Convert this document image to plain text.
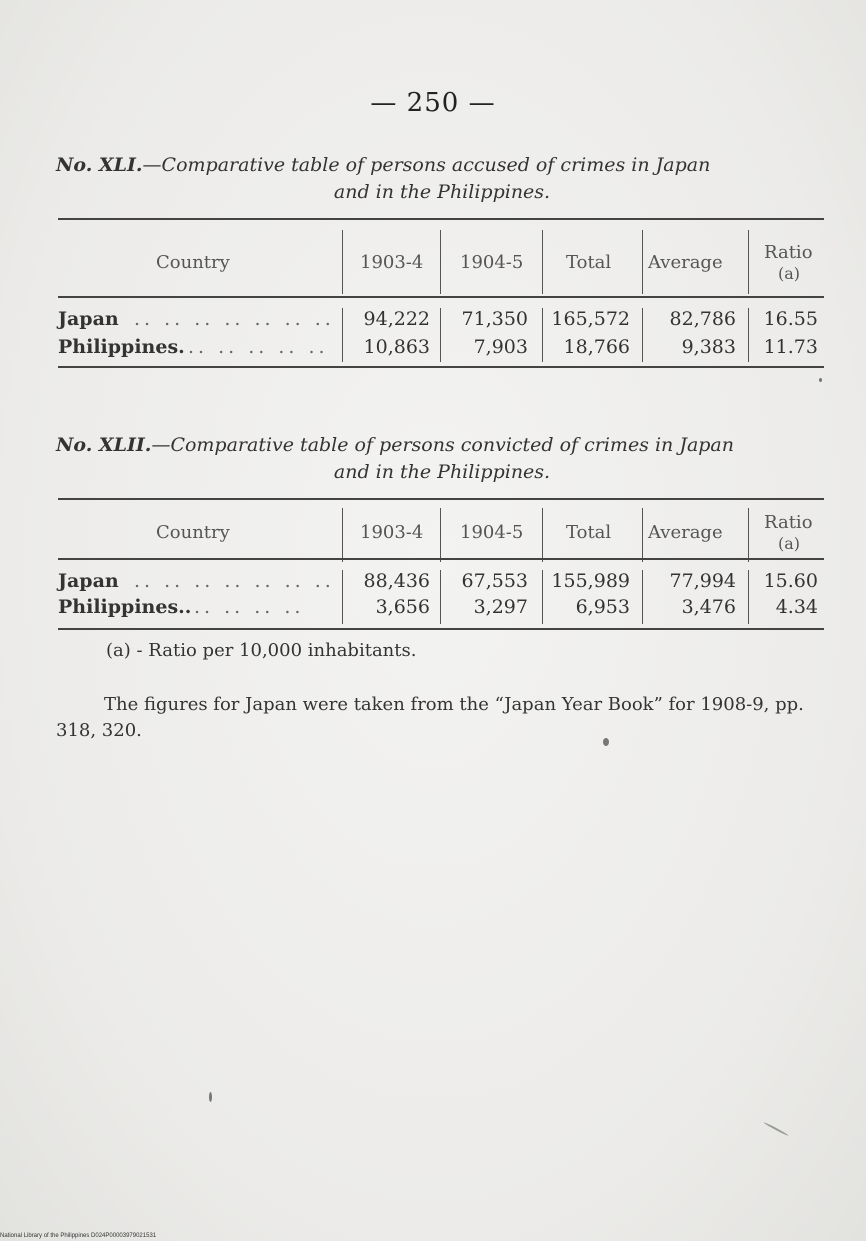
— 250 —
No. XLI.—Comparative table of persons accused of crimes in Japan
and in the Philippines.
Country	1903-4 1904-5 Total Average Ratio
(a)
Japan .. .. .. .. .. .. ..	94,222	71,350	165,572	82,786	16.55
Philippines. .. .. .. .. ..	10,863	7,903	18,766	9,383	11.73
No. XLII.—Comparative table of persons convicted of crimes in Japan
and in the Philippines.
Country	1903-4 1904-5 Total Average Ratio
(a)
Japan .. .. .. .. .. .. ..	88,436	67,553	155,989	77,994	15.60
Philippines.. .. .. .. ..	3,656	3,297	6,953	3,476	4.34
(a) - Ratio per 10,000 inhabitants.
The figures for Japan were taken from the “Japan Year Book” for 1908-9, pp. 318, 320.
National Library of the Philippines D024P00003979021531
